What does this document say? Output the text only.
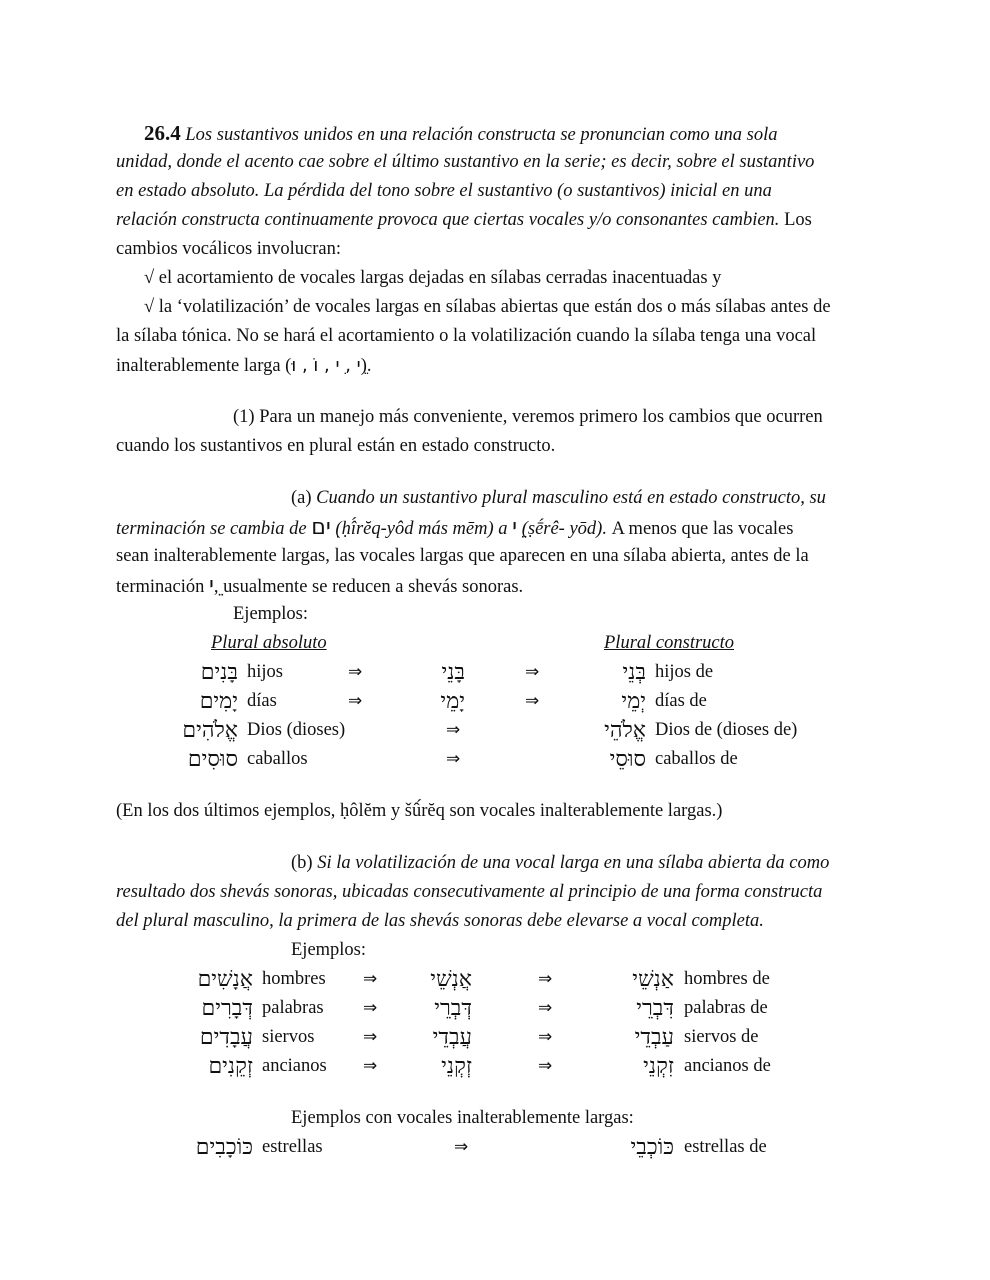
26.4 Los sustantivos unidos en una relación constructa se pronuncian como una sola
unidad, donde el acento cae sobre el último sustantivo en la serie; es decir, sobre el sustantivo
en estado absoluto. La pérdida del tono sobre el sustantivo (o sustantivos) inicial en una
relación constructa continuamente provoca que ciertas vocales y/o consonantes cambien. Los
cambios vocálicos involucran:
√ el acortamiento de vocales largas dejadas en sílabas cerradas inacentuadas y
√ la ‘volatilización’ de vocales largas en sílabas abiertas que están dos o más sílabas antes de
la sílaba tónica. No se hará el acortamiento o la volatilización cuando la sílaba tenga una vocal
inalterablemente larga (ֵי , ִי , וֹ , וּ).
(1) Para un manejo más conveniente, veremos primero los cambios que ocurren
cuando los sustantivos en plural están en estado constructo.
(a) Cuando un sustantivo plural masculino está en estado constructo, su
terminación se cambia de ִים (ḥî́rĕq-yôd más mēm) a ֵי (ṣḗrê- yōd). A menos que las vocales
sean inalterablemente largas, las vocales largas que aparecen en una sílaba abierta, antes de la
terminación ֵי, usualmente se reducen a shevás sonoras.
Ejemplos:
Plural absoluto	Plural constructo
בָּנִים hijos	⇒	בָּנֵי	⇒	בְּנֵי hijos de
יָמִים días	⇒	יָמֵי	⇒	יְמֵי días de
אֱלֹהִים Dios (dioses)	⇒	אֱלֹהֵי Dios de (dioses de)
סוּסִים caballos	⇒	סוּסֵי caballos de
(En los dos últimos ejemplos, ḥôlĕm y šû́rĕq son vocales inalterablemente largas.)
(b) Si la volatilización de una vocal larga en una sílaba abierta da como
resultado dos shevás sonoras, ubicadas consecutivamente al principio de una forma constructa
del plural masculino, la primera de las shevás sonoras debe elevarse a vocal completa.
Ejemplos:
אֲנָשִׁים hombres ⇒ אֲנְשֵׁי	⇒	אַנְשֵׁי hombres de
דְּבָרִים palabras ⇒	דְּבְרֵי	⇒	דִּבְרֵי palabras de
עֲבָדִים siervos	⇒	עֲבְדֵי	⇒	עַבְדֵי siervos de
זְקֵנִים ancianos ⇒	זְקְנֵי	⇒	זִקְנֵי ancianos de
Ejemplos con vocales inalterablemente largas:
כּוֹכָבִים estrellas	⇒	כּוֹכְבֵי estrellas de
